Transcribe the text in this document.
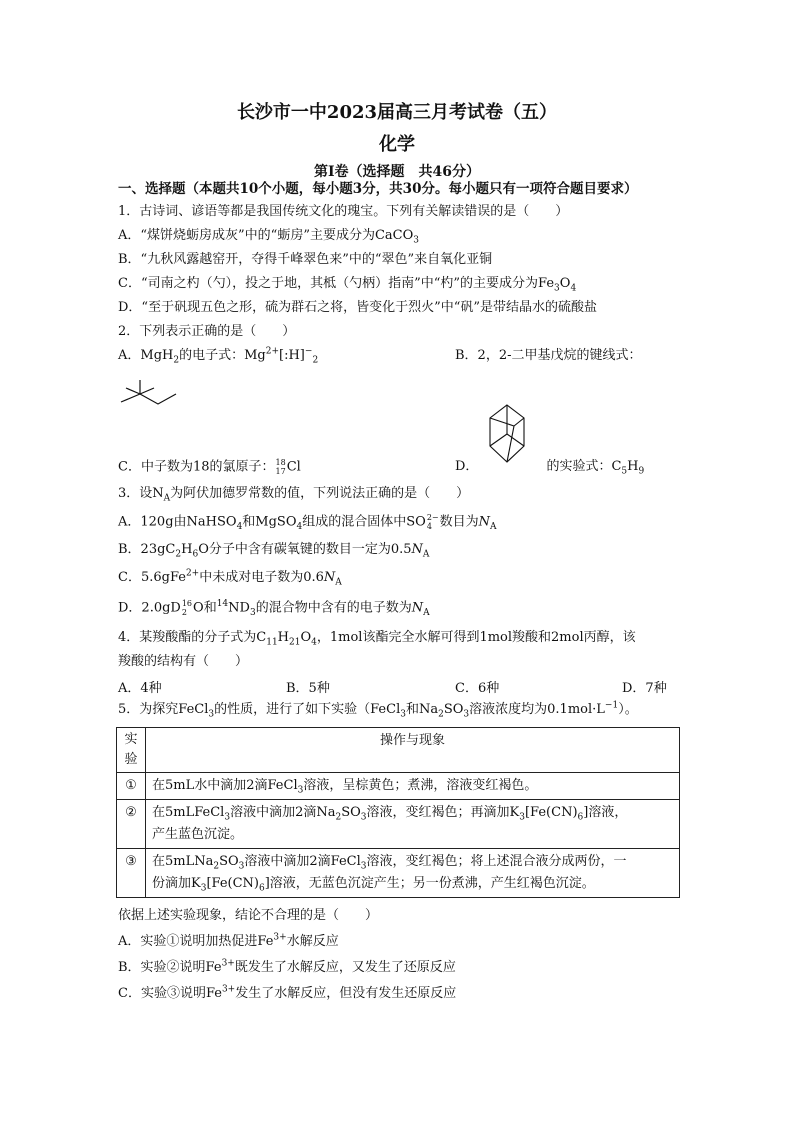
长沙市一中2023届高三月考试卷（五）
化学
第Ⅰ卷（选择题　共46分）
一、选择题（本题共10个小题，每小题3分，共30分。每小题只有一项符合题目要求）
1．古诗词、谚语等都是我国传统文化的瑰宝。下列有关解读错误的是（　　）
A．“煤饼烧蛎房成灰”中的“蛎房”主要成分为CaCO$_3$
B．“九秋风露越窑开，夺得千峰翠色来”中的“翠色”来自氧化亚铜
C．“司南之杓（勺），投之于地，其柢（勺柄）指南”中“杓”的主要成分为$Fe_3O_4$
D．“至于矾现五色之形，硫为群石之将，皆变化于烈火”中“矾”是带结晶水的硫酸盐
2．下列表示正确的是（　　）
A．MgH$_2$的电子式：$Mg^{2+}[:H]^-_2$	B．2，2-二甲基戊烷的键线式：
C．中子数为18的氯原子：18
17Cl	D．	的实验式：$C_5H_9$
3．设$N_A$为阿伏加德罗常数的值，下列说法正确的是（　　）
A．120g由NaHSO$_4$和MgSO$_4$组成的混合固体中SO2−
4 数目为$N_A$
B．$23gC_2H_6O$分子中含有碳氧键的数目一定为$0.5N_A$
C．5.6gFe$^{2+}$中未成对电子数为$0.6N_A$
D．2.0gD16
2 O和$^{14}ND_3$的混合物中含有的电子数为$N_A$
4．某羧酸酯的分子式为$C_{11}H_{21}O_4$，1mol该酯完全水解可得到1mol羧酸和2mol丙醇，该
羧酸的结构有（　　）
A．4种	B．5种	C．6种	D．7种
5．为探究FeCl$_3$的性质，进行了如下实验（FeCl$_3$和$Na_2SO_3$溶液浓度均为$0.1mol\cdot L^{-1}$）。
实验	操作与现象
①	在5mL水中滴加2滴FeCl$_3$溶液，呈棕黄色；煮沸，溶液变红褐色。
②	在5mLFeCl$_3$溶液中滴加2滴$Na_2SO_3$溶液，变红褐色；再滴加$K_3[Fe(CN)_6]$溶液，
产生蓝色沉淀。
③	在$5mLNa_2SO_3$溶液中滴加2滴FeCl$_3$溶液，变红褐色；将上述混合液分成两份，一
份滴加$K_3[Fe(CN)_6]$溶液，无蓝色沉淀产生；另一份煮沸，产生红褐色沉淀。
依据上述实验现象，结论不合理的是（　　）
A．实验①说明加热促进$Fe^{3+}$水解反应
B．实验②说明$Fe^{3+}$既发生了水解反应，又发生了还原反应
C．实验③说明$Fe^{3+}$发生了水解反应，但没有发生还原反应
